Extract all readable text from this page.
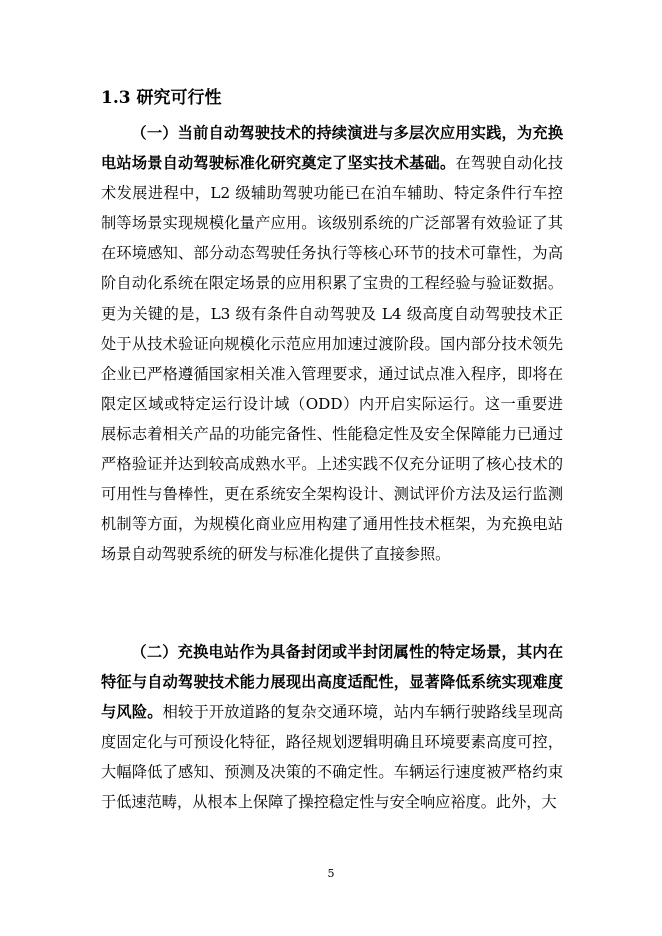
1.3 研究可行性

（一）当前自动驾驶技术的持续演进与多层次应用实践，为充换电站场景自动驾驶标准化研究奠定了坚实技术基础。在驾驶自动化技术发展进程中，L2 级辅助驾驶功能已在泊车辅助、特定条件行车控制等场景实现规模化量产应用。该级别系统的广泛部署有效验证了其在环境感知、部分动态驾驶任务执行等核心环节的技术可靠性，为高阶自动化系统在限定场景的应用积累了宝贵的工程经验与验证数据。更为关键的是，L3 级有条件自动驾驶及 L4 级高度自动驾驶技术正处于从技术验证向规模化示范应用加速过渡阶段。国内部分技术领先企业已严格遵循国家相关准入管理要求，通过试点准入程序，即将在限定区域或特定运行设计域（ODD）内开启实际运行。这一重要进展标志着相关产品的功能完备性、性能稳定性及安全保障能力已通过严格验证并达到较高成熟水平。上述实践不仅充分证明了核心技术的可用性与鲁棒性，更在系统安全架构设计、测试评价方法及运行监测机制等方面，为规模化商业应用构建了通用性技术框架，为充换电站场景自动驾驶系统的研发与标准化提供了直接参照。

（二）充换电站作为具备封闭或半封闭属性的特定场景，其内在特征与自动驾驶技术能力展现出高度适配性，显著降低系统实现难度与风险。相较于开放道路的复杂交通环境，站内车辆行驶路线呈现高度固定化与可预设化特征，路径规划逻辑明确且环境要素高度可控，大幅降低了感知、预测及决策的不确定性。车辆运行速度被严格约束于低速范畴，从根本上保障了操控稳定性与安全响应裕度。此外，大

5
